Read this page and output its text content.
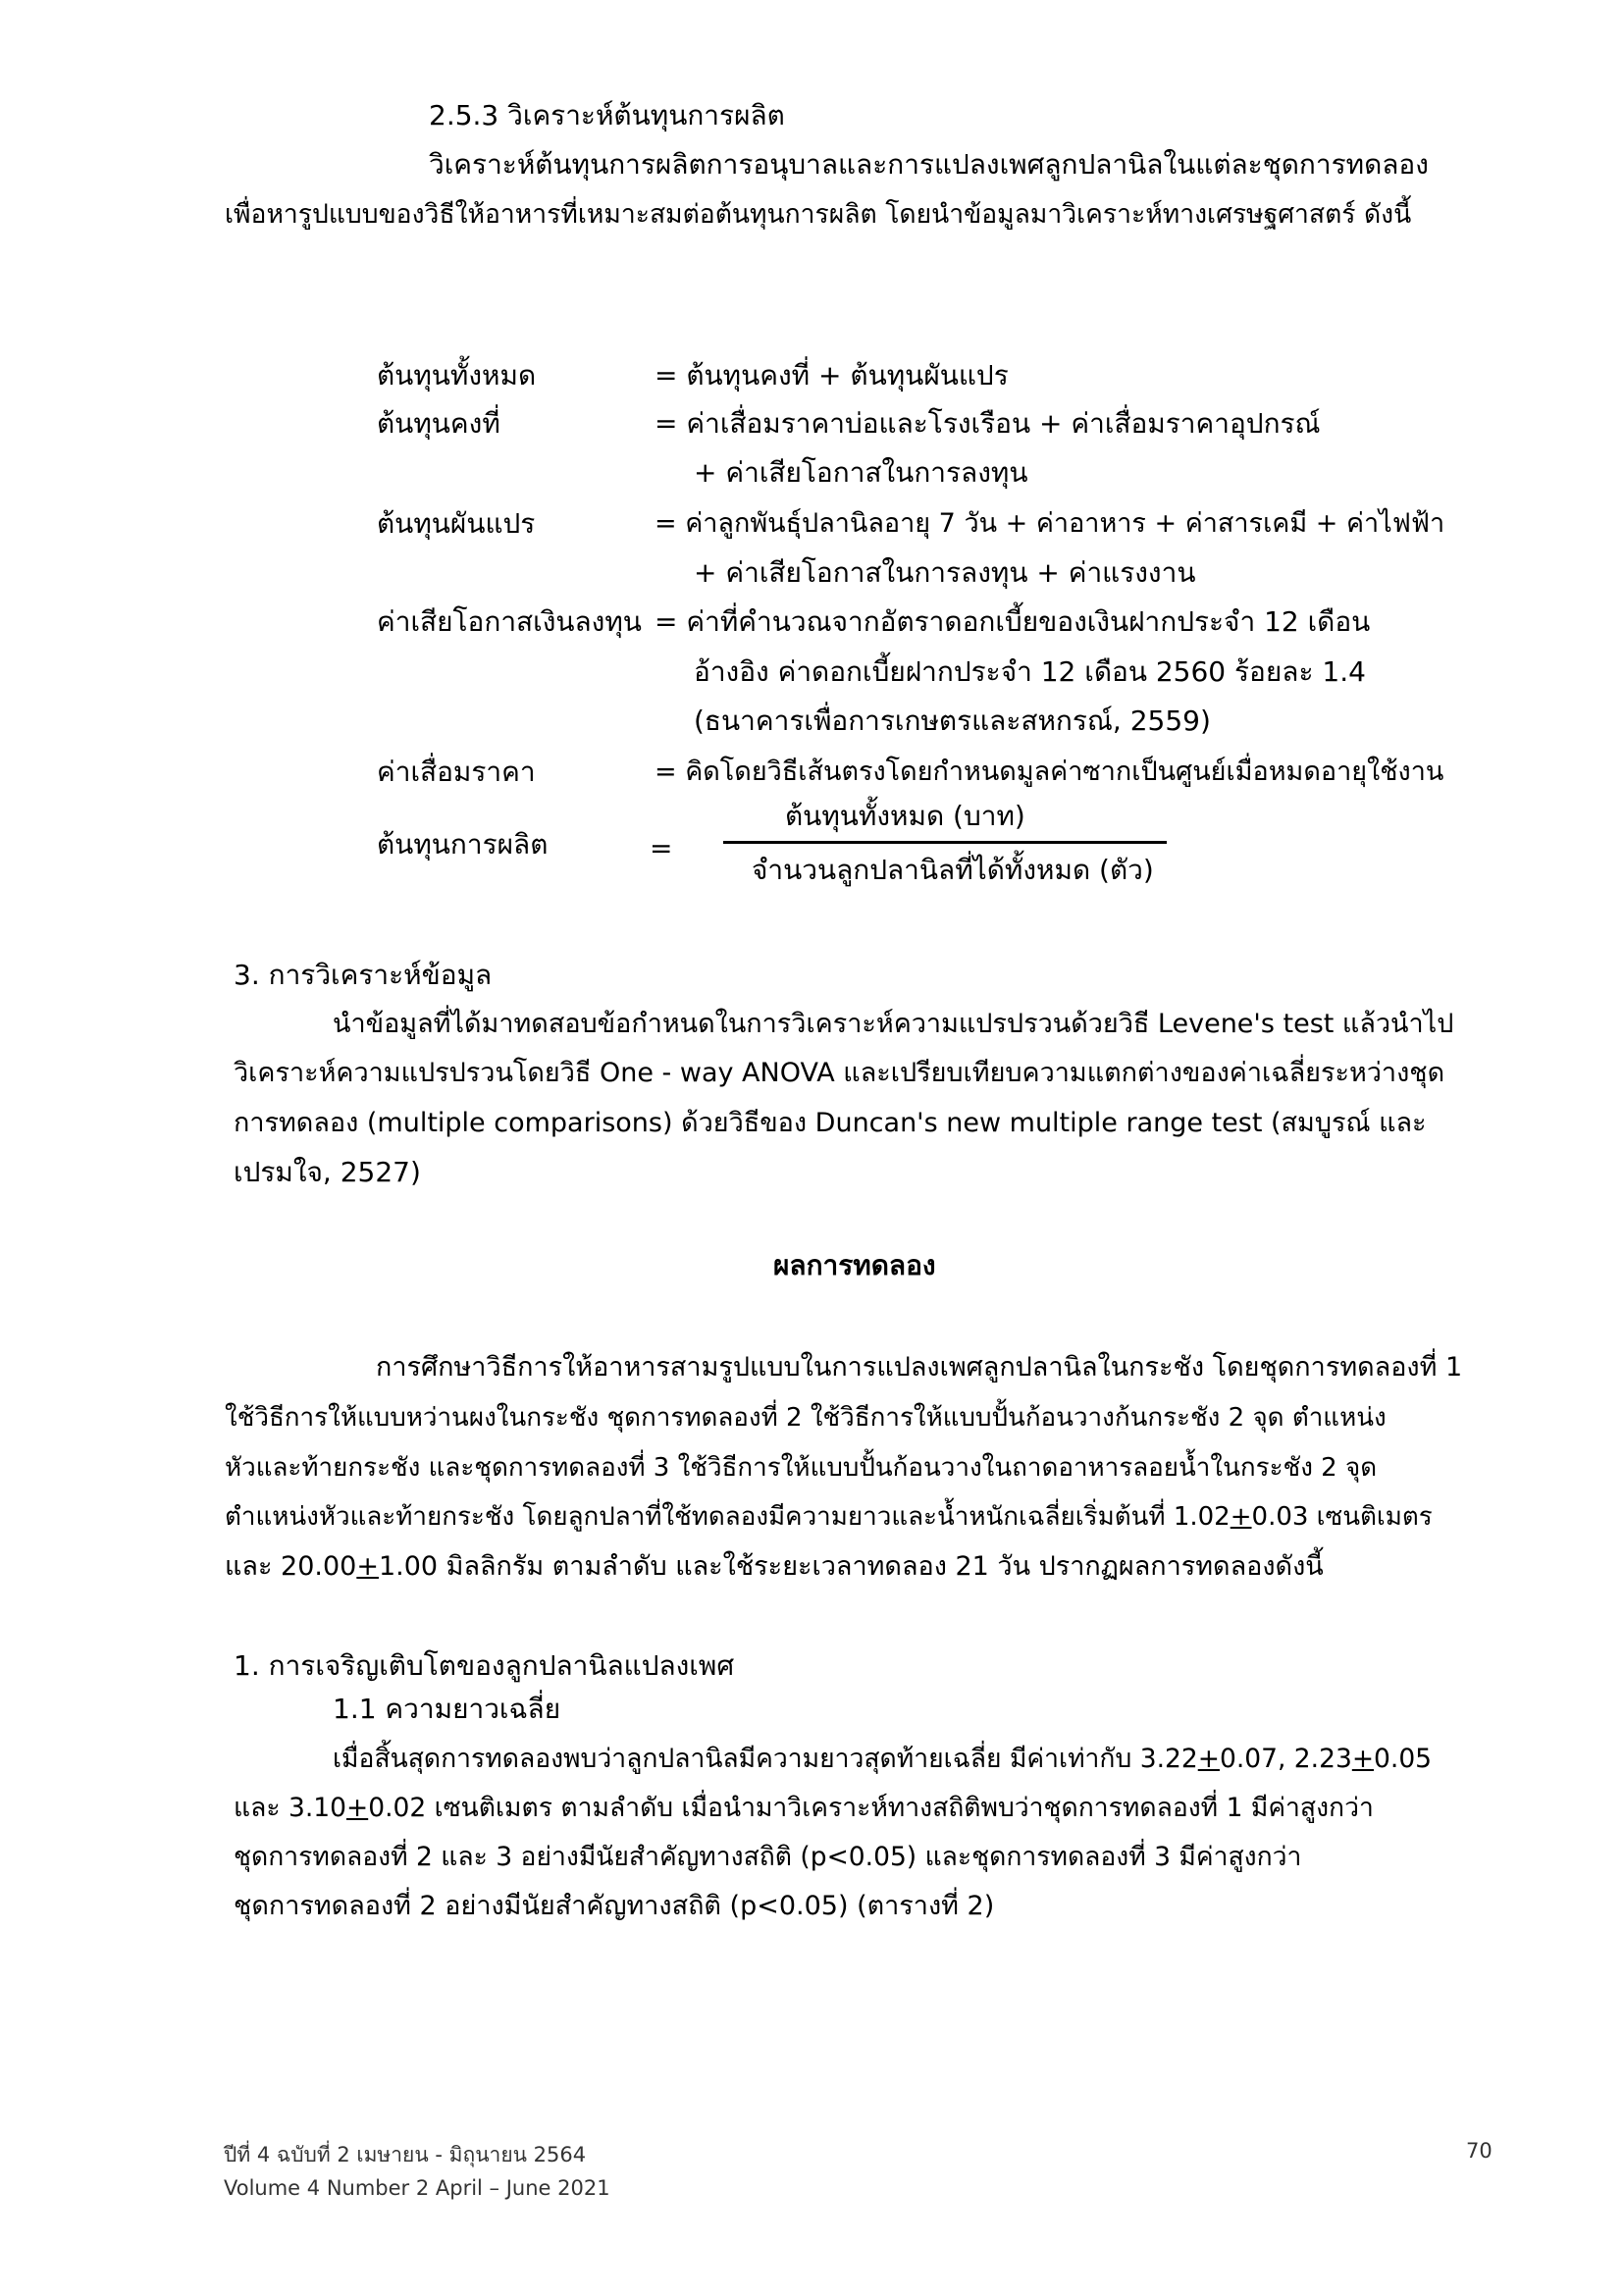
2.5.3 วิเคราะห์ต้นทุนการผลิต
วิเคราะห์ต้นทุนการผลิตการอนุบาลและการแปลงเพศลูกปลานิลในแต่ละชุดการทดลอง
เพื่อหารูปแบบของวิธีให้อาหารที่เหมาะสมต่อต้นทุนการผลิต โดยนำข้อมูลมาวิเคราะห์ทางเศรษฐศาสตร์ ดังนี้
ต้นทุนทั้งหมด	= ต้นทุนคงที่ + ต้นทุนผันแปร
ต้นทุนคงที่	= ค่าเสื่อมราคาบ่อและโรงเรือน + ค่าเสื่อมราคาอุปกรณ์
+ ค่าเสียโอกาสในการลงทุน
ต้นทุนผันแปร	= ค่าลูกพันธุ์ปลานิลอายุ 7 วัน + ค่าอาหาร + ค่าสารเคมี + ค่าไฟฟ้า
+ ค่าเสียโอกาสในการลงทุน + ค่าแรงงาน
ค่าเสียโอกาสเงินลงทุน = ค่าที่คำนวณจากอัตราดอกเบี้ยของเงินฝากประจำ 12 เดือน
อ้างอิง ค่าดอกเบี้ยฝากประจำ 12 เดือน 2560 ร้อยละ 1.4
(ธนาคารเพื่อการเกษตรและสหกรณ์, 2559)
ค่าเสื่อมราคา	= คิดโดยวิธีเส้นตรงโดยกำหนดมูลค่าซากเป็นศูนย์เมื่อหมดอายุใช้งาน
ต้นทุนการผลิต	=
ต้นทุนทั้งหมด (บาท)
จำนวนลูกปลานิลที่ได้ทั้งหมด (ตัว)
3. การวิเคราะห์ข้อมูล
นำข้อมูลที่ได้มาทดสอบข้อกำหนดในการวิเคราะห์ความแปรปรวนด้วยวิธี Levene's test แล้วนำไป
วิเคราะห์ความแปรปรวนโดยวิธี One - way ANOVA และเปรียบเทียบความแตกต่างของค่าเฉลี่ยระหว่างชุด
การทดลอง (multiple comparisons) ด้วยวิธีของ Duncan's new multiple range test (สมบูรณ์ และ
เปรมใจ, 2527)
ผลการทดลอง
การศึกษาวิธีการให้อาหารสามรูปแบบในการแปลงเพศลูกปลานิลในกระชัง โดยชุดการทดลองที่ 1
ใช้วิธีการให้แบบหว่านผงในกระชัง ชุดการทดลองที่ 2 ใช้วิธีการให้แบบปั้นก้อนวางก้นกระชัง 2 จุด ตำแหน่ง
หัวและท้ายกระชัง และชุดการทดลองที่ 3 ใช้วิธีการให้แบบปั้นก้อนวางในถาดอาหารลอยน้ำในกระชัง 2 จุด
ตำแหน่งหัวและท้ายกระชัง โดยลูกปลาที่ใช้ทดลองมีความยาวและน้ำหนักเฉลี่ยเริ่มต้นที่ 1.02+0.03 เซนติเมตร
และ 20.00+1.00 มิลลิกรัม ตามลำดับ และใช้ระยะเวลาทดลอง 21 วัน ปรากฏผลการทดลองดังนี้
1. การเจริญเติบโตของลูกปลานิลแปลงเพศ
1.1 ความยาวเฉลี่ย
เมื่อสิ้นสุดการทดลองพบว่าลูกปลานิลมีความยาวสุดท้ายเฉลี่ย มีค่าเท่ากับ 3.22+0.07, 2.23+0.05
และ 3.10+0.02 เซนติเมตร ตามลำดับ เมื่อนำมาวิเคราะห์ทางสถิติพบว่าชุดการทดลองที่ 1 มีค่าสูงกว่า
ชุดการทดลองที่ 2 และ 3 อย่างมีนัยสำคัญทางสถิติ (p<0.05) และชุดการทดลองที่ 3 มีค่าสูงกว่า
ชุดการทดลองที่ 2 อย่างมีนัยสำคัญทางสถิติ (p<0.05) (ตารางที่ 2)
ปีที่ 4 ฉบับที่ 2 เมษายน - มิถุนายน 2564
Volume 4 Number 2 April – June 2021
70
